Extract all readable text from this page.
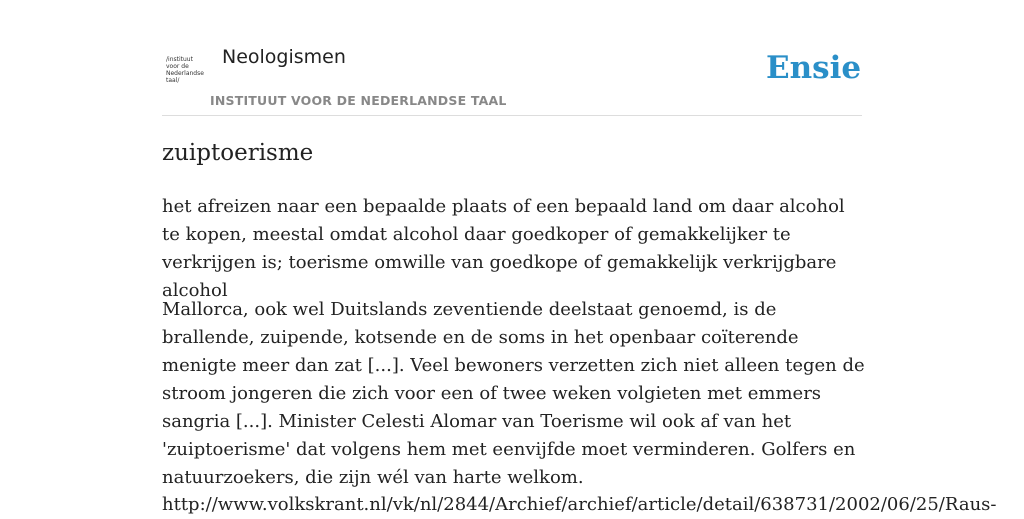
/instituut
voor de
Nederlandse
taal/
Neologismen
INSTITUUT VOOR DE NEDERLANDSE TAAL
Ensie
zuiptoerisme
het afreizen naar een bepaalde plaats of een bepaald land om daar alcohol te kopen, meestal omdat alcohol daar goedkoper of gemakkelijker te verkrijgen is; toerisme omwille van goedkope of gemakkelijk verkrijgbare alcohol
Mallorca, ook wel Duitslands zeventiende deelstaat genoemd, is de brallende, zuipende, kotsende en de soms in het openbaar coïterende menigte meer dan zat [...]. Veel bewoners verzetten zich niet alleen tegen de stroom jongeren die zich voor een of twee weken volgieten met emmers sangria [...]. Minister Celesti Alomar van Toerisme wil ook af van het 'zuiptoerisme' dat volgens hem met eenvijfde moet verminderen. Golfers en natuurzoekers, die zijn wél van harte welkom.
http://www.volkskrant.nl/vk/nl/2844/Archief/archief/article/detail/638731/2002/06/25/Raus-
